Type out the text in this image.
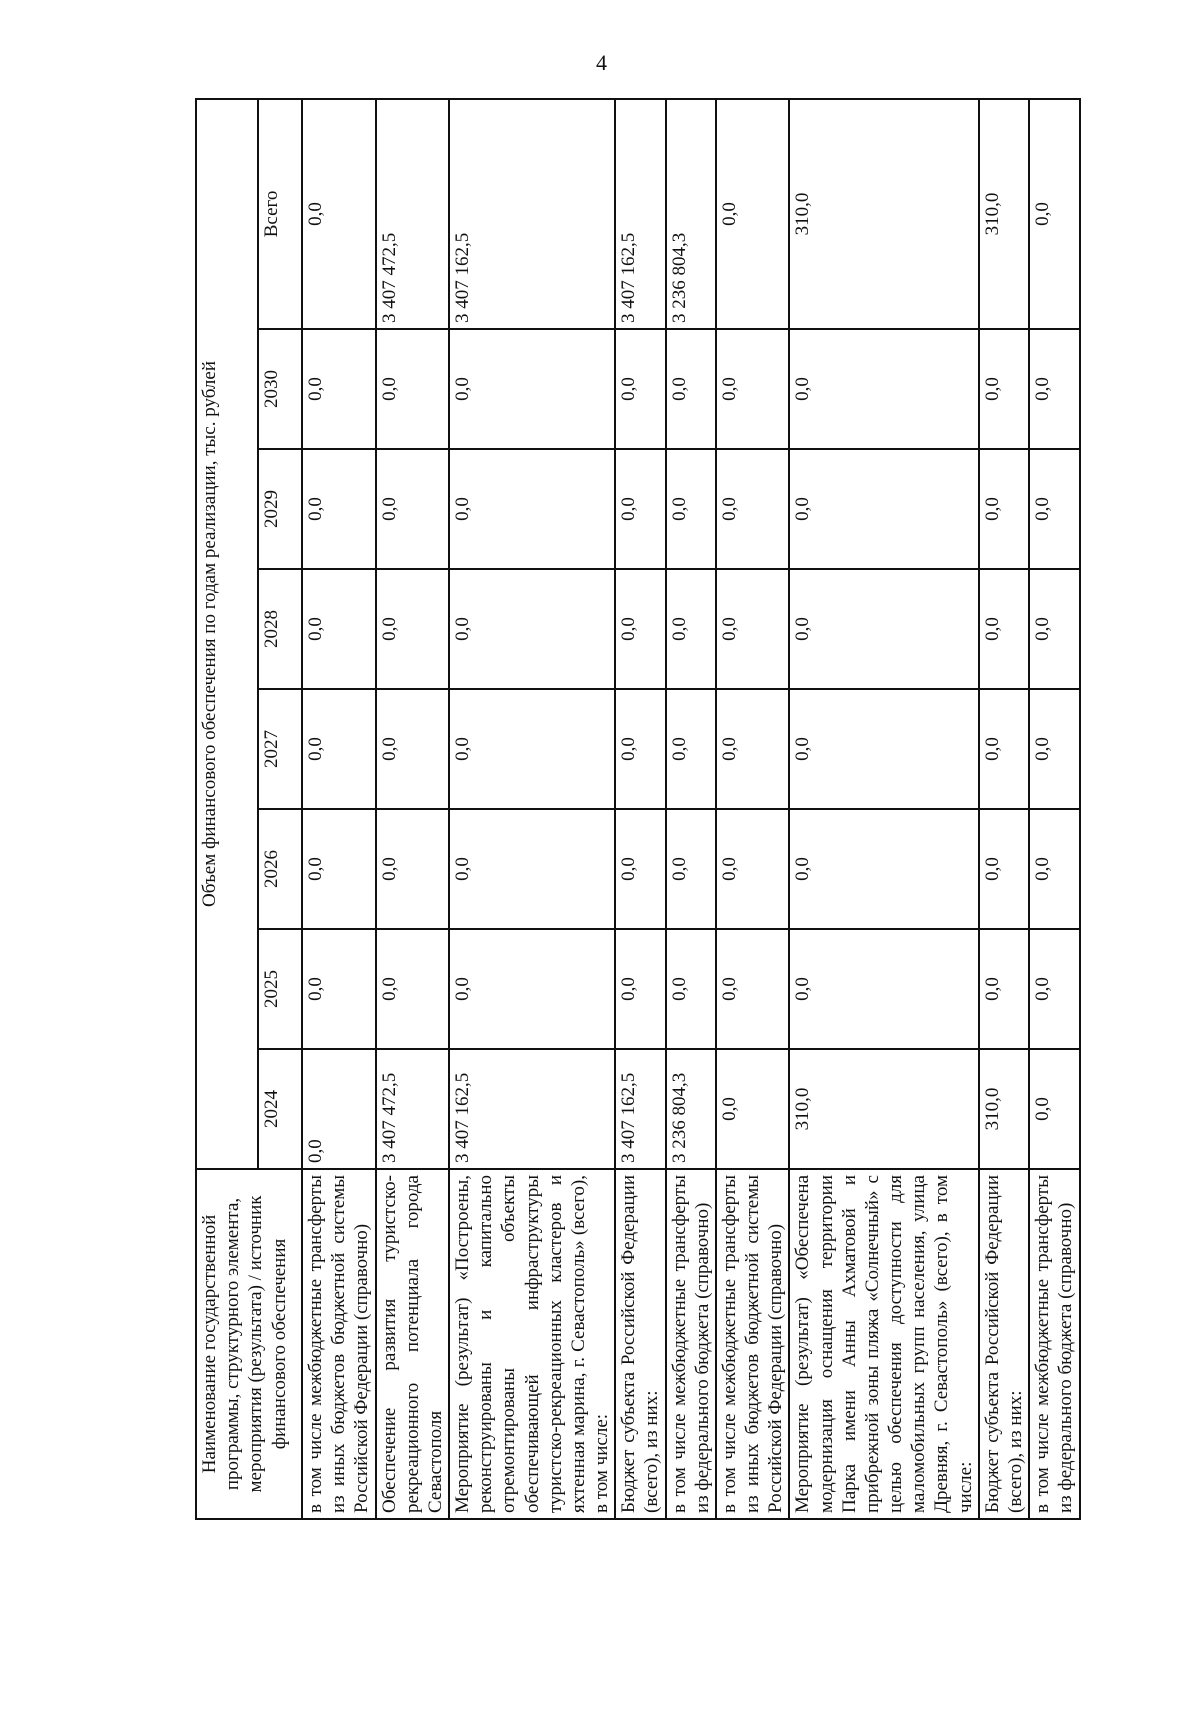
4
Наименование государственной программы, структурного элемента, мероприятия (результата) / источник финансового обеспечения	Объем финансового обеспечения по годам реализации, тыс. рублей							
	2024	2025	2026	2027	2028	2029	2030	Всего
в том числе межбюджетные трансферты из иных бюджетов бюджетной системы Российской Федерации (справочно)	0,0	0,0	0,0	0,0	0,0	0,0	0,0	0,0
Обеспечение развития туристско-рекреационного потенциала города Севастополя	3 407 472,5	0,0	0,0	0,0	0,0	0,0	0,0	3 407 472,5
Мероприятие (результат) «Построены, реконструированы и капитально отремонтированы объекты обеспечивающей инфраструктуры туристско-рекреационных кластеров и яхтенная марина, г. Севастополь» (всего), в том числе:	3 407 162,5	0,0	0,0	0,0	0,0	0,0	0,0	3 407 162,5
Бюджет субъекта Российской Федерации (всего), из них:	3 407 162,5	0,0	0,0	0,0	0,0	0,0	0,0	3 407 162,5
в том числе межбюджетные трансферты из федерального бюджета (справочно)	3 236 804,3	0,0	0,0	0,0	0,0	0,0	0,0	3 236 804,3
в том числе межбюджетные трансферты из иных бюджетов бюджетной системы Российской Федерации (справочно)	0,0	0,0	0,0	0,0	0,0	0,0	0,0	0,0
Мероприятие (результат) «Обеспечена модернизация оснащения территории Парка имени Анны Ахматовой и прибрежной зоны пляжа «Солнечный» с целью обеспечения доступности для маломобильных групп населения, улица Древняя, г. Севастополь» (всего), в том числе:	310,0	0,0	0,0	0,0	0,0	0,0	0,0	310,0
Бюджет субъекта Российской Федерации (всего), из них:	310,0	0,0	0,0	0,0	0,0	0,0	0,0	310,0
в том числе межбюджетные трансферты из федерального бюджета (справочно)	0,0	0,0	0,0	0,0	0,0	0,0	0,0	0,0
